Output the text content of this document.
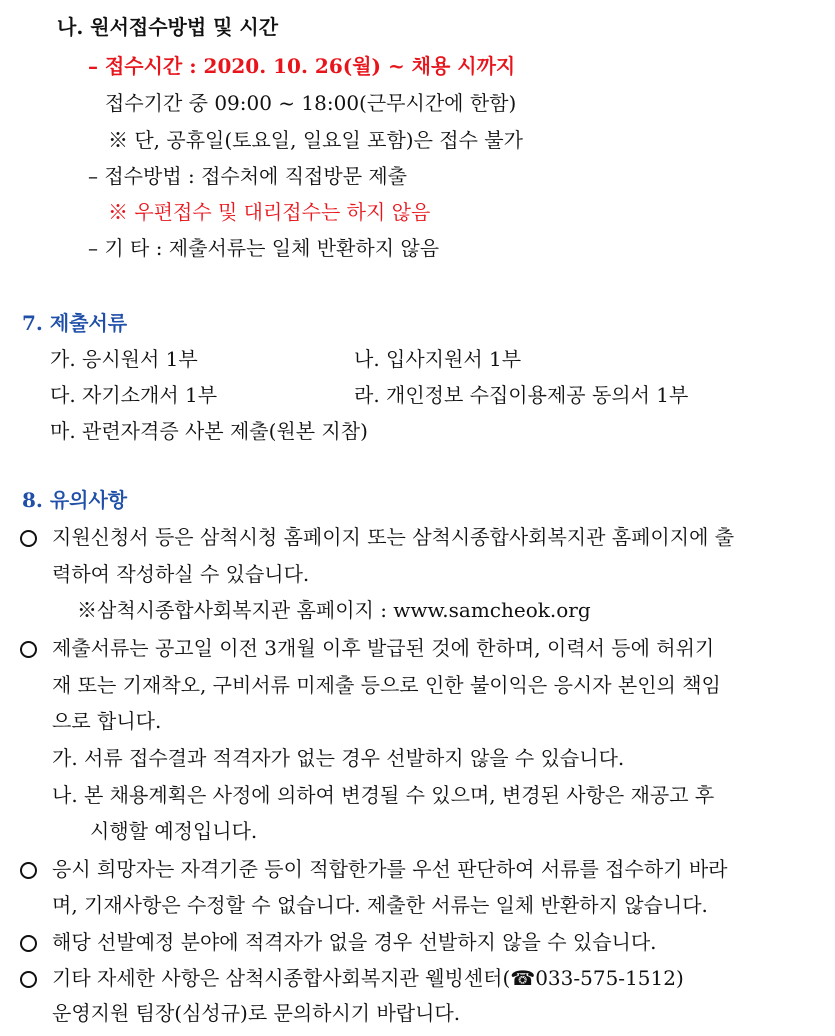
나. 원서접수방법 및 시간
– 접수시간 : 2020. 10. 26(월) ~ 채용 시까지
접수기간 중 09:00 ~ 18:00(근무시간에 한함)
※ 단, 공휴일(토요일, 일요일 포함)은 접수 불가
– 접수방법 : 접수처에 직접방문 제출
※ 우편접수 및 대리접수는 하지 않음
– 기 타 : 제출서류는 일체 반환하지 않음
7. 제출서류
가. 응시원서 1부	나. 입사지원서 1부
다. 자기소개서 1부	라. 개인정보 수집이용제공 동의서 1부
마. 관련자격증 사본 제출(원본 지참)
8. 유의사항
지원신청서 등은 삼척시청 홈페이지 또는 삼척시종합사회복지관 홈페이지에 출
력하여 작성하실 수 있습니다.
※삼척시종합사회복지관 홈페이지 : www.samcheok.org
제출서류는 공고일 이전 3개월 이후 발급된 것에 한하며, 이력서 등에 허위기
재 또는 기재착오, 구비서류 미제출 등으로 인한 불이익은 응시자 본인의 책임
으로 합니다.
가. 서류 접수결과 적격자가 없는 경우 선발하지 않을 수 있습니다.
나. 본 채용계획은 사정에 의하여 변경될 수 있으며, 변경된 사항은 재공고 후
시행할 예정입니다.
응시 희망자는 자격기준 등이 적합한가를 우선 판단하여 서류를 접수하기 바라
며, 기재사항은 수정할 수 없습니다. 제출한 서류는 일체 반환하지 않습니다.
해당 선발예정 분야에 적격자가 없을 경우 선발하지 않을 수 있습니다.
기타 자세한 사항은 삼척시종합사회복지관 웰빙센터(☎033-575-1512)
운영지원 팀장(심성규)로 문의하시기 바랍니다.
